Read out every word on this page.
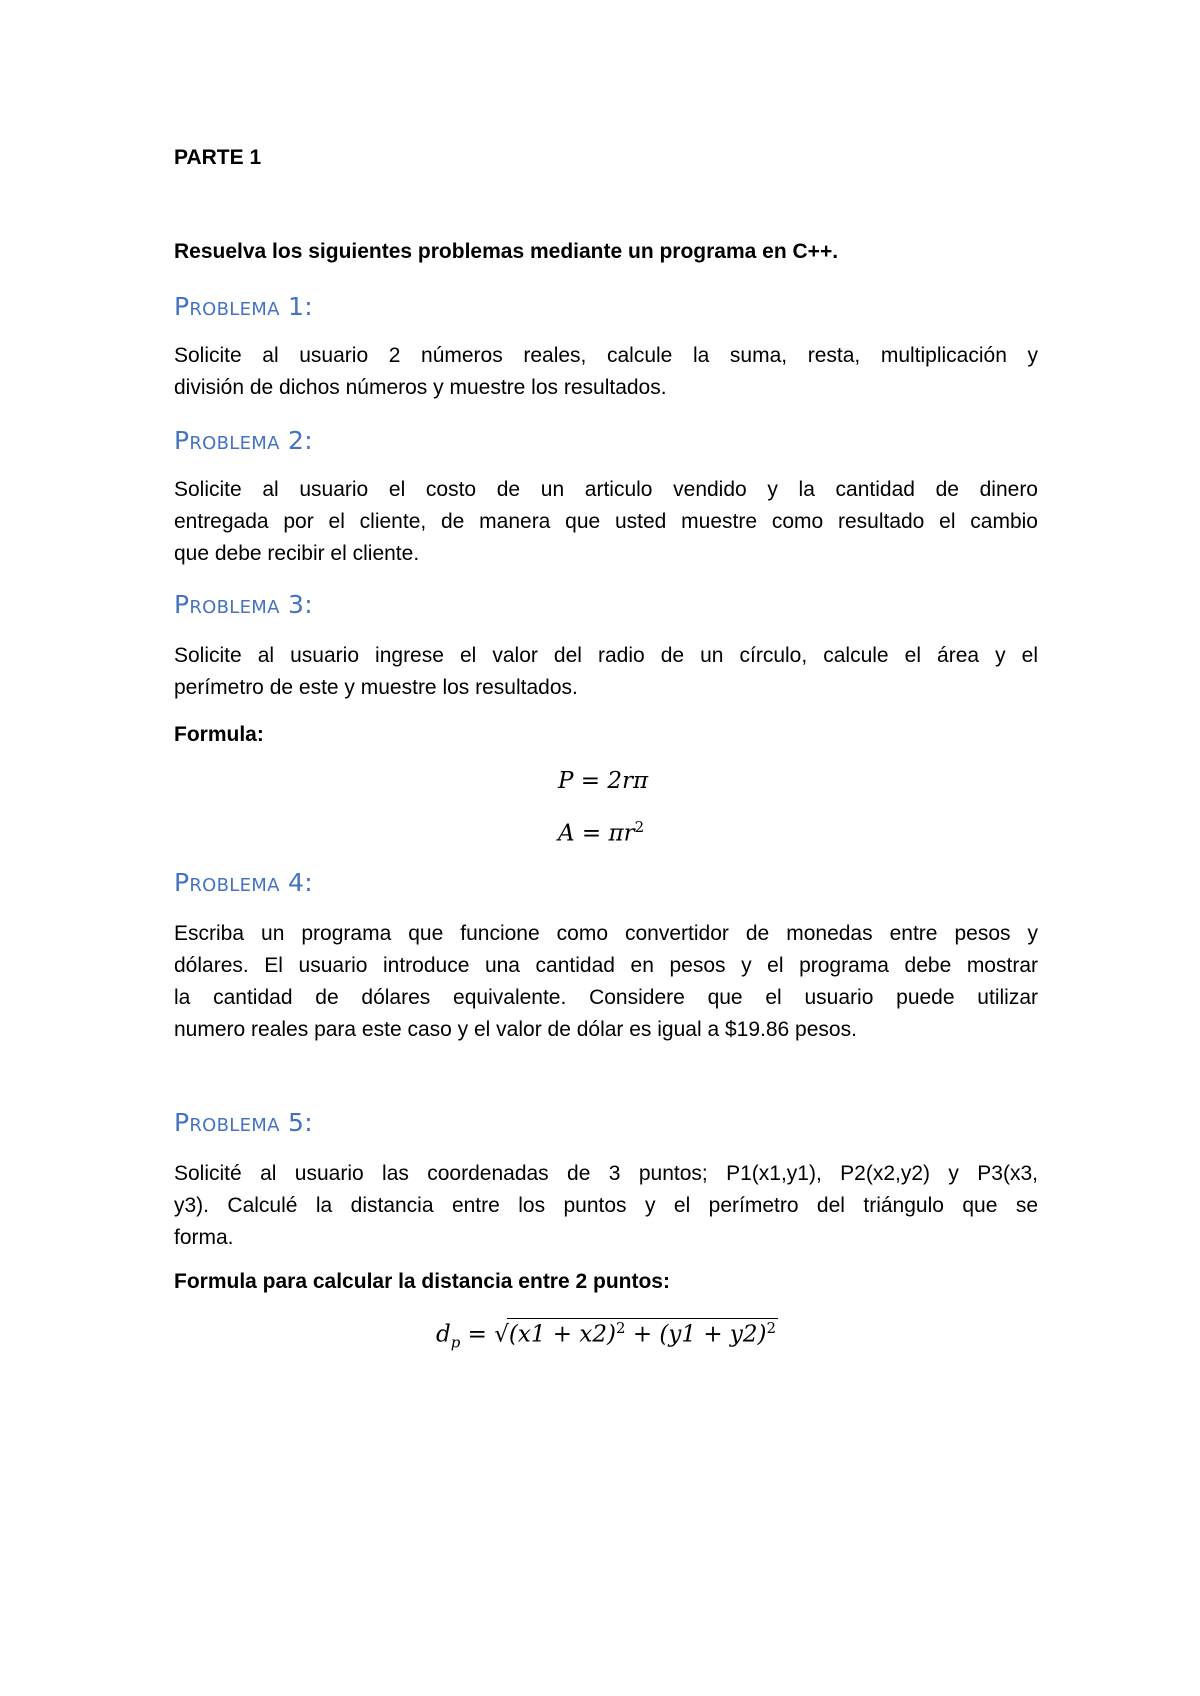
PARTE 1
Resuelva los siguientes problemas mediante un programa en C++.
Problema 1:
Solicite al usuario 2 números reales, calcule la suma, resta, multiplicación y
división de dichos números y muestre los resultados.
Problema 2:
Solicite al usuario el costo de un articulo vendido y la cantidad de dinero
entregada por el cliente, de manera que usted muestre como resultado el cambio
que debe recibir el cliente.
Problema 3:
Solicite al usuario ingrese el valor del radio de un círculo, calcule el área y el
perímetro de este y muestre los resultados.
Formula:
P = 2rπ
$A = \pi r^2$
Problema 4:
Escriba un programa que funcione como convertidor de monedas entre pesos y
dólares. El usuario introduce una cantidad en pesos y el programa debe mostrar
la cantidad de dólares equivalente. Considere que el usuario puede utilizar
numero reales para este caso y el valor de dólar es igual a $19.86 pesos.
Problema 5:
Solicité al usuario las coordenadas de 3 puntos; P1(x1,y1), P2(x2,y2) y P3(x3,
y3). Calculé la distancia entre los puntos y el perímetro del triángulo que se
forma.
Formula para calcular la distancia entre 2 puntos:
$d_p = √(x1 + x2)^2 + (y1 + y2)^2$
